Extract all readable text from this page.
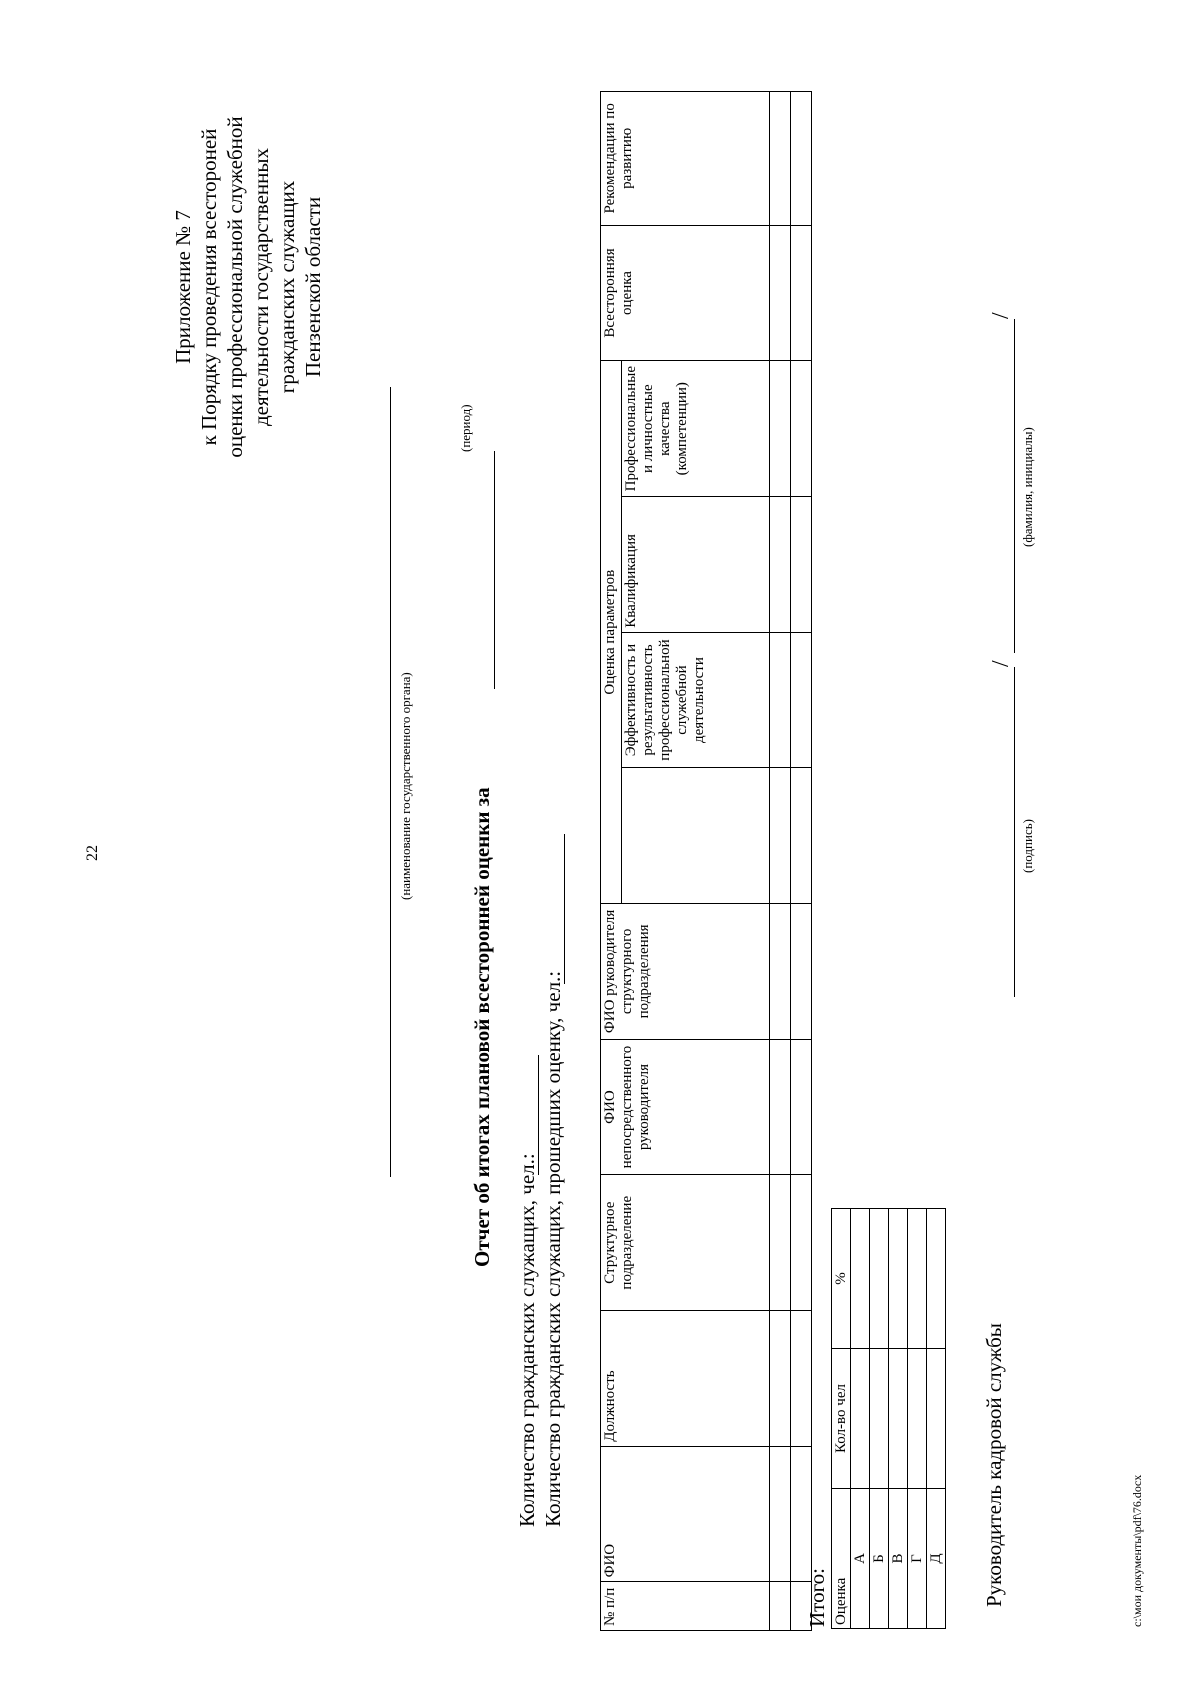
22
Приложение № 7 к Порядку проведения всестороней оценки профессиональной служебной деятельности государственных гражданских служащих Пензенской области
(наименование государственного органа)
Отчет об итогах плановой всесторонней оценки за
(период)
Количество гражданских служащих, чел.: Количество гражданских служащих, прошедших оценку, чел.:
№ п/п	ФИО	Должность	Структурное подразделение	ФИО непосредственного руководителя	ФИО руководителя структурного подразделения	Оценка параметров				Всесторонняя оценка	Рекомендации по развитию
							Эффективность и результативность профессиональной служебной деятельности	Квалификация	Профессиональные и личностные качества (компетенции)		

Итого: Оценка	Кол-во чел	%
А		
Б		
В		
Г		
Д		Руководитель кадровой службы
/
/
(подпись)
(фамилия, инициалы)
c:\мои документы\pdf\76.docx
